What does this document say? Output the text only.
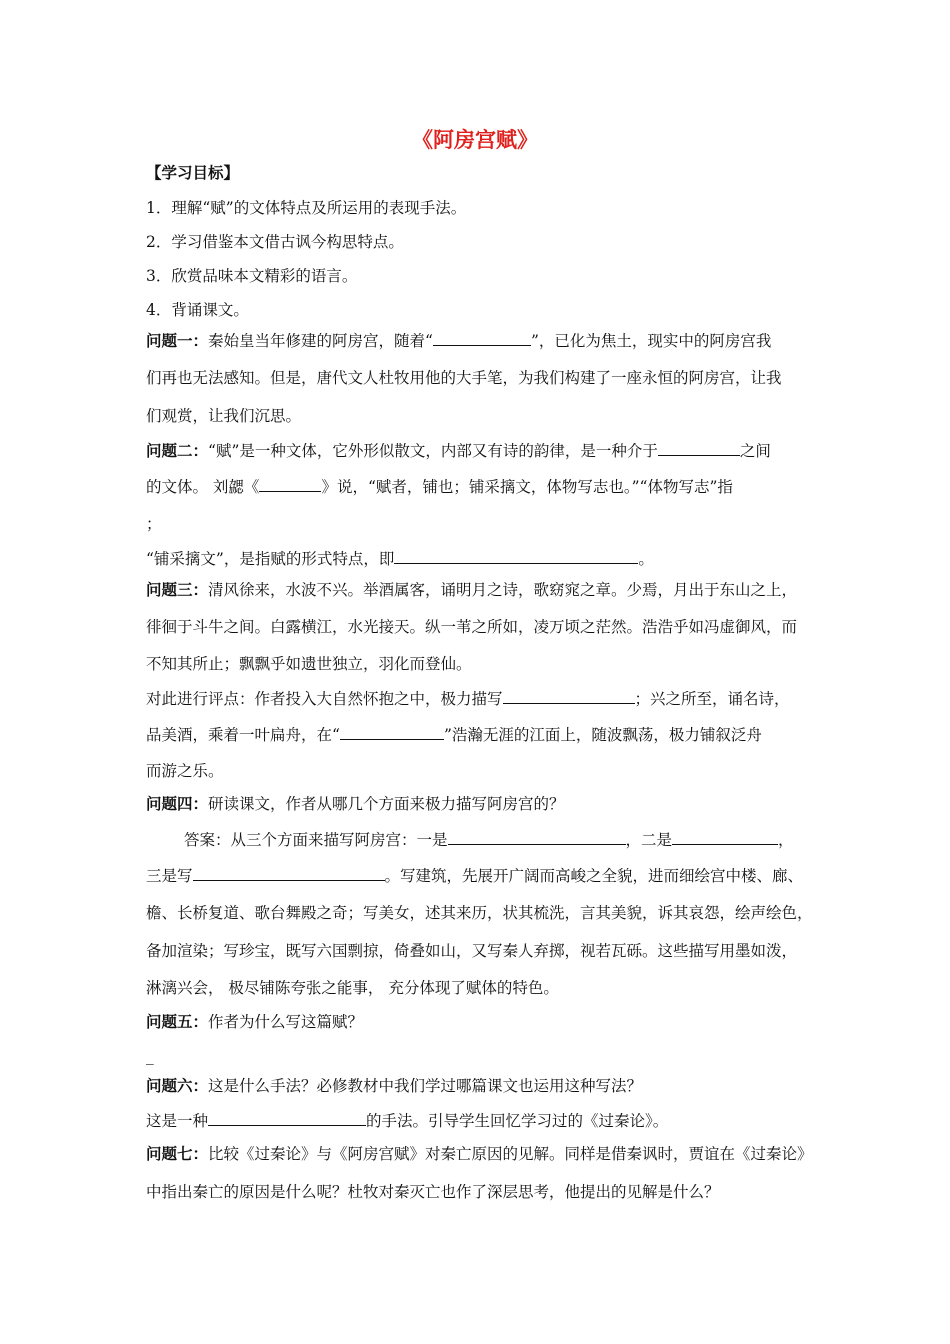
《阿房宫赋》
【学习目标】
1．理解“赋”的文体特点及所运用的表现手法。
2．学习借鉴本文借古讽今构思特点。
3．欣赏品味本文精彩的语言。
4．背诵课文。
问题一：秦始皇当年修建的阿房宫，随着“	”，已化为焦土，现实中的阿房宫我
们再也无法感知。但是，唐代文人杜牧用他的大手笔，为我们构建了一座永恒的阿房宫，让我
们观赏，让我们沉思。
问题二：“赋”是一种文体，它外形似散文，内部又有诗的韵律，是一种介于	之间
的文体。 刘勰《	》说，“赋者，铺也；铺采摛文，体物写志也。”“体物写志”指
；
“铺采摛文”，是指赋的形式特点，即	。
问题三：清风徐来，水波不兴。举酒属客，诵明月之诗，歌窈窕之章。少焉，月出于东山之上，
徘徊于斗牛之间。白露横江，水光接天。纵一苇之所如，凌万顷之茫然。浩浩乎如冯虚御风，而
不知其所止；飘飘乎如遗世独立，羽化而登仙。
对此进行评点：作者投入大自然怀抱之中，极力描写	；兴之所至，诵名诗，
品美酒，乘着一叶扁舟，在“	”浩瀚无涯的江面上，随波飘荡，极力铺叙泛舟
而游之乐。
问题四：研读课文，作者从哪几个方面来极力描写阿房宫的？
答案：从三个方面来描写阿房宫：一是	，二是	，
三是写	。写建筑，先展开广阔而高峻之全貌，进而细绘宫中楼、廊、
檐、长桥复道、歌台舞殿之奇；写美女，述其来历，状其梳洗，言其美貌，诉其哀怨，绘声绘色，
备加渲染；写珍宝，既写六国剽掠，倚叠如山，又写秦人弃掷，视若瓦砾。这些描写用墨如泼，
淋漓兴会， 极尽铺陈夸张之能事， 充分体现了赋体的特色。
问题五：作者为什么写这篇赋？
_
问题六：这是什么手法？必修教材中我们学过哪篇课文也运用这种写法？
这是一种	的手法。引导学生回忆学习过的《过秦论》。
问题七：比较《过秦论》与《阿房宫赋》对秦亡原因的见解。同样是借秦讽时，贾谊在《过秦论》
中指出秦亡的原因是什么呢？杜牧对秦灭亡也作了深层思考，他提出的见解是什么？
